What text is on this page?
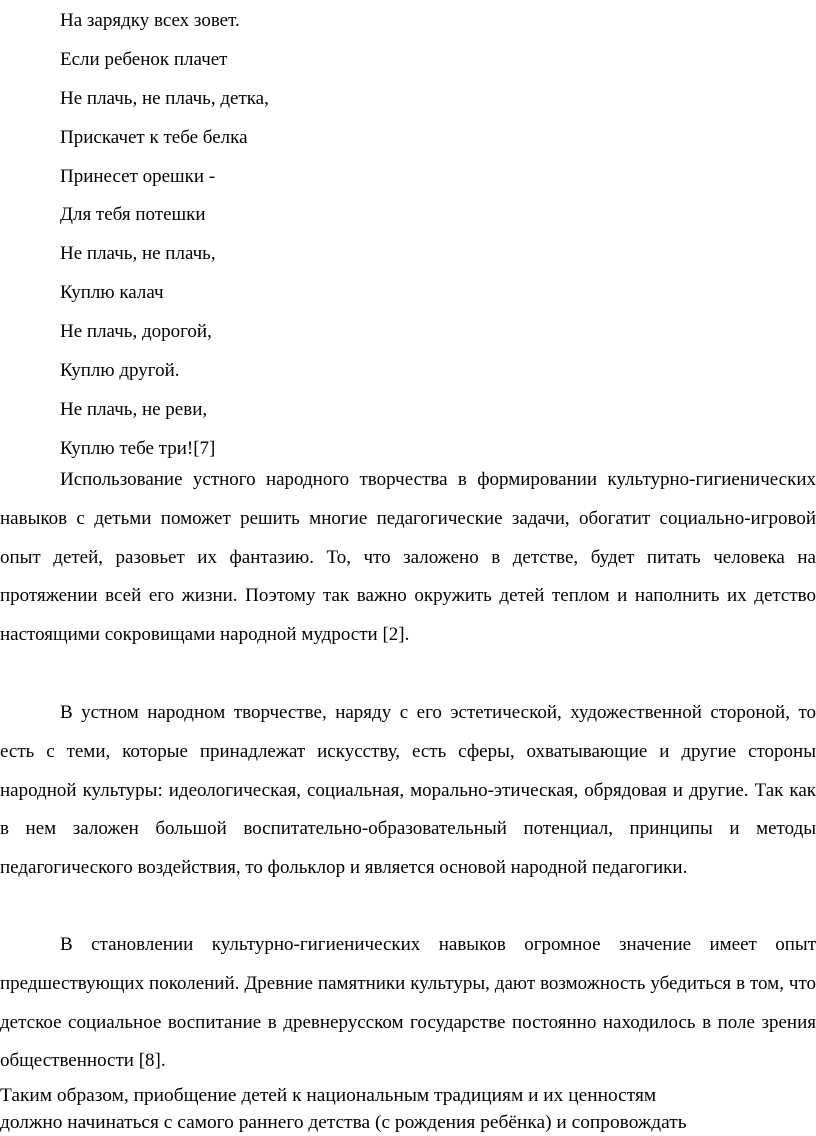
На зарядку всех зовет.
Если ребенок плачет
Не плачь, не плачь, детка,
Прискачет к тебе белка
Принесет орешки -
Для тебя потешки
Не плачь, не плачь,
Куплю калач
Не плачь, дорогой,
Куплю другой.
Не плачь, не реви,
Куплю тебе три![7]

Использование устного народного творчества в формировании культурно-гигиенических навыков с детьми поможет решить многие педагогические задачи, обогатит социально-игровой опыт детей, разовьет их фантазию. То, что заложено в детстве, будет питать человека на протяжении всей его жизни. Поэтому так важно окружить детей теплом и наполнить их детство настоящими сокровищами народной мудрости [2].

В устном народном творчестве, наряду с его эстетической, художественной стороной, то есть с теми, которые принадлежат искусству, есть сферы, охватывающие и другие стороны народной культуры: идеологическая, социальная, морально-этическая, обрядовая и другие. Так как в нем заложен большой воспитательно-образовательный потенциал, принципы и методы педагогического воздействия, то фольклор и является основой народной педагогики.

В становлении культурно-гигиенических навыков огромное значение имеет опыт предшествующих поколений. Древние памятники культуры, дают возможность убедиться в том, что детское социальное воспитание в древнерусском государстве постоянно находилось в поле зрения общественности [8].

Таким образом, приобщение детей к национальным традициям и их ценностям
должно начинаться с самого раннего детства (с рождения ребёнка) и сопровождать
